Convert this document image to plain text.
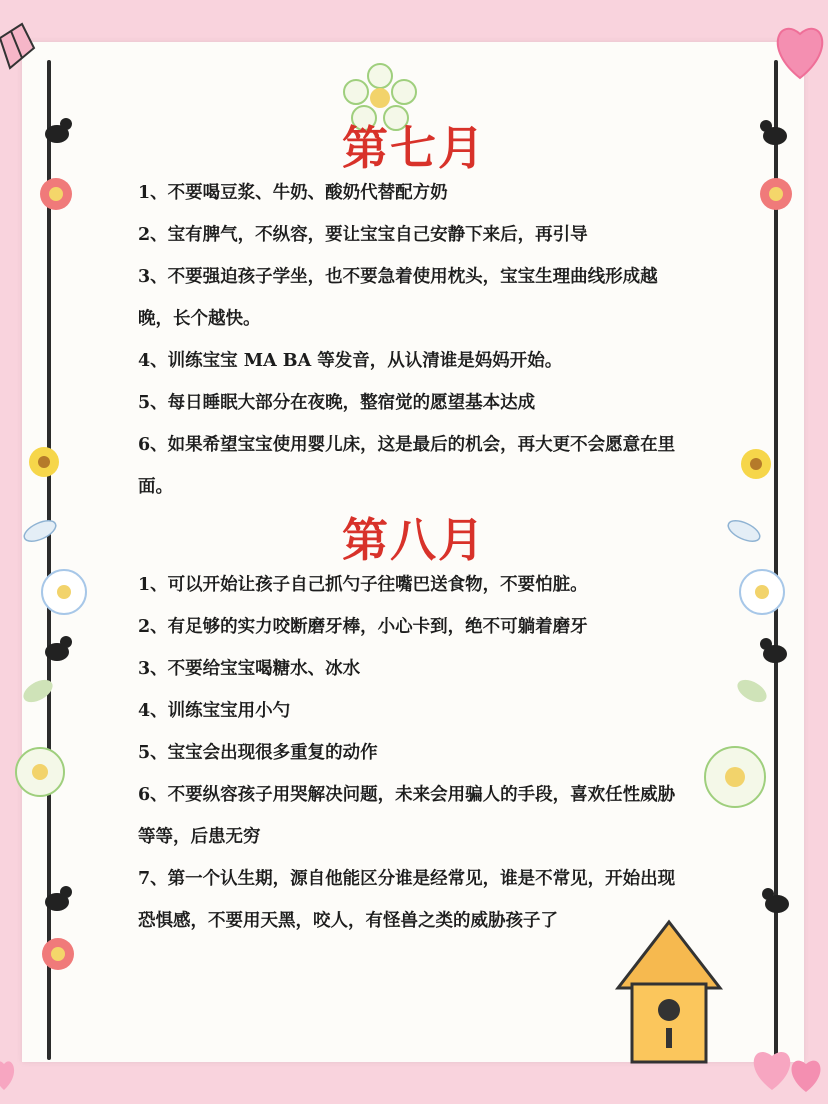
第七月

1、不要喝豆浆、牛奶、酸奶代替配方奶

2、宝有脾气，不纵容，要让宝宝自己安静下来后，再引导

3、不要强迫孩子学坐，也不要急着使用枕头，宝宝生理曲线形成越晚，长个越快。

4、训练宝宝 MA BA 等发音，从认清谁是妈妈开始。

5、每日睡眠大部分在夜晚，整宿觉的愿望基本达成

6、如果希望宝宝使用婴儿床，这是最后的机会，再大更不会愿意在里面。

第八月

1、可以开始让孩子自己抓勺子往嘴巴送食物，不要怕脏。

2、有足够的实力咬断磨牙棒，小心卡到，绝不可躺着磨牙

3、不要给宝宝喝糖水、冰水

4、训练宝宝用小勺

5、宝宝会出现很多重复的动作

6、不要纵容孩子用哭解决问题，未来会用骗人的手段，喜欢任性威胁等等，后患无穷

7、第一个认生期，源自他能区分谁是经常见，谁是不常见，开始出现恐惧感，不要用天黑，咬人，有怪兽之类的威胁孩子了
